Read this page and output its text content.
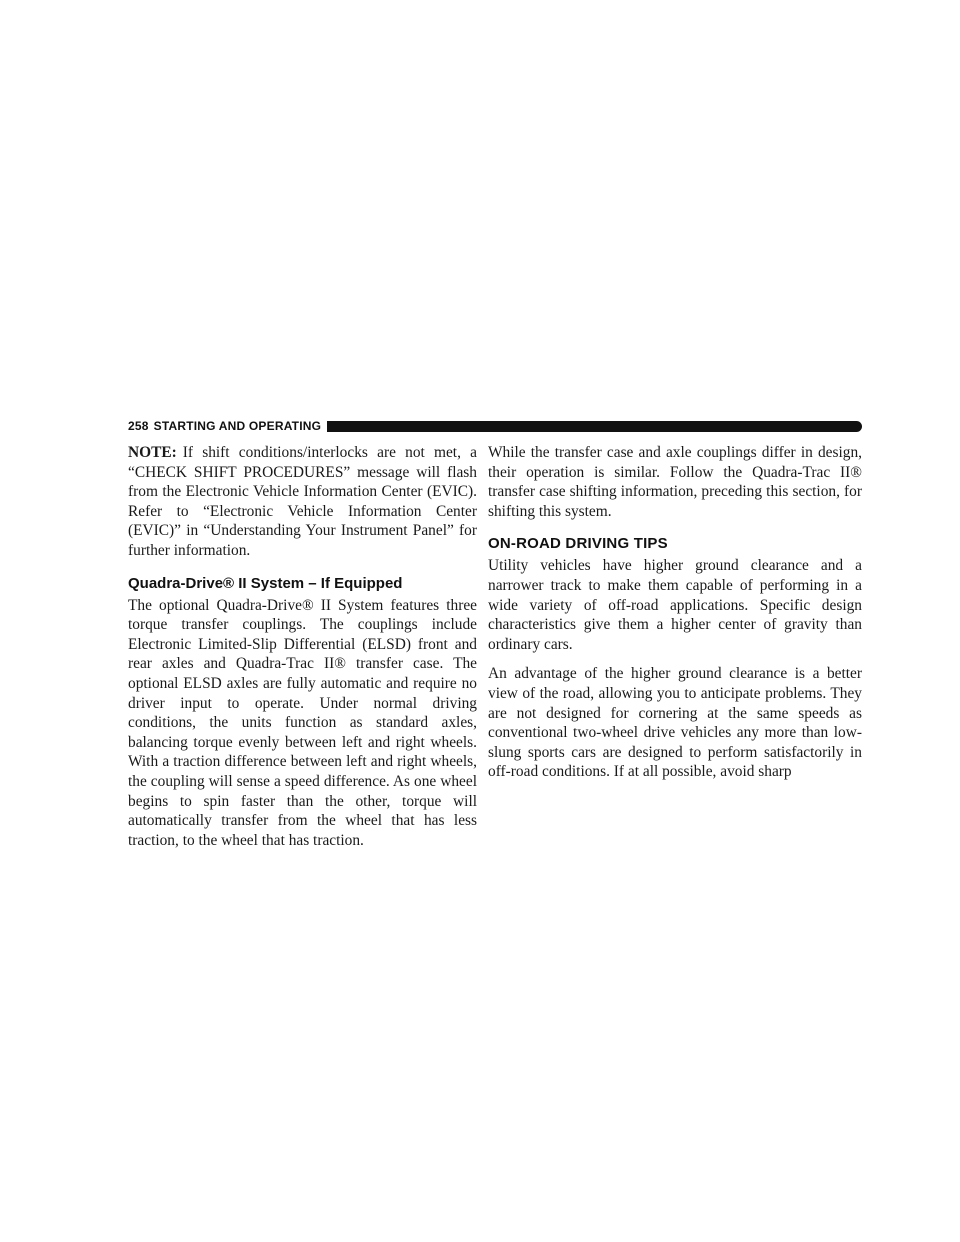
258 STARTING AND OPERATING

NOTE: If shift conditions/interlocks are not met, a “CHECK SHIFT PROCEDURES” message will flash from the Electronic Vehicle Information Center (EVIC). Refer to “Electronic Vehicle Information Center (EVIC)” in “Understanding Your Instrument Panel” for further information.

Quadra-Drive® II System – If Equipped

The optional Quadra-Drive® II System features three torque transfer couplings. The couplings include Electronic Limited-Slip Differential (ELSD) front and rear axles and Quadra-Trac II® transfer case. The optional ELSD axles are fully automatic and require no driver input to operate. Under normal driving conditions, the units function as standard axles, balancing torque evenly between left and right wheels. With a traction difference between left and right wheels, the coupling will sense a speed difference. As one wheel begins to spin faster than the other, torque will automatically transfer from the wheel that has less traction, to the wheel that has traction.

While the transfer case and axle couplings differ in design, their operation is similar. Follow the Quadra-Trac II® transfer case shifting information, preceding this section, for shifting this system.

ON-ROAD DRIVING TIPS

Utility vehicles have higher ground clearance and a narrower track to make them capable of performing in a wide variety of off-road applications. Specific design characteristics give them a higher center of gravity than ordinary cars.

An advantage of the higher ground clearance is a better view of the road, allowing you to anticipate problems. They are not designed for cornering at the same speeds as conventional two-wheel drive vehicles any more than low-slung sports cars are designed to perform satisfactorily in off-road conditions. If at all possible, avoid sharp
